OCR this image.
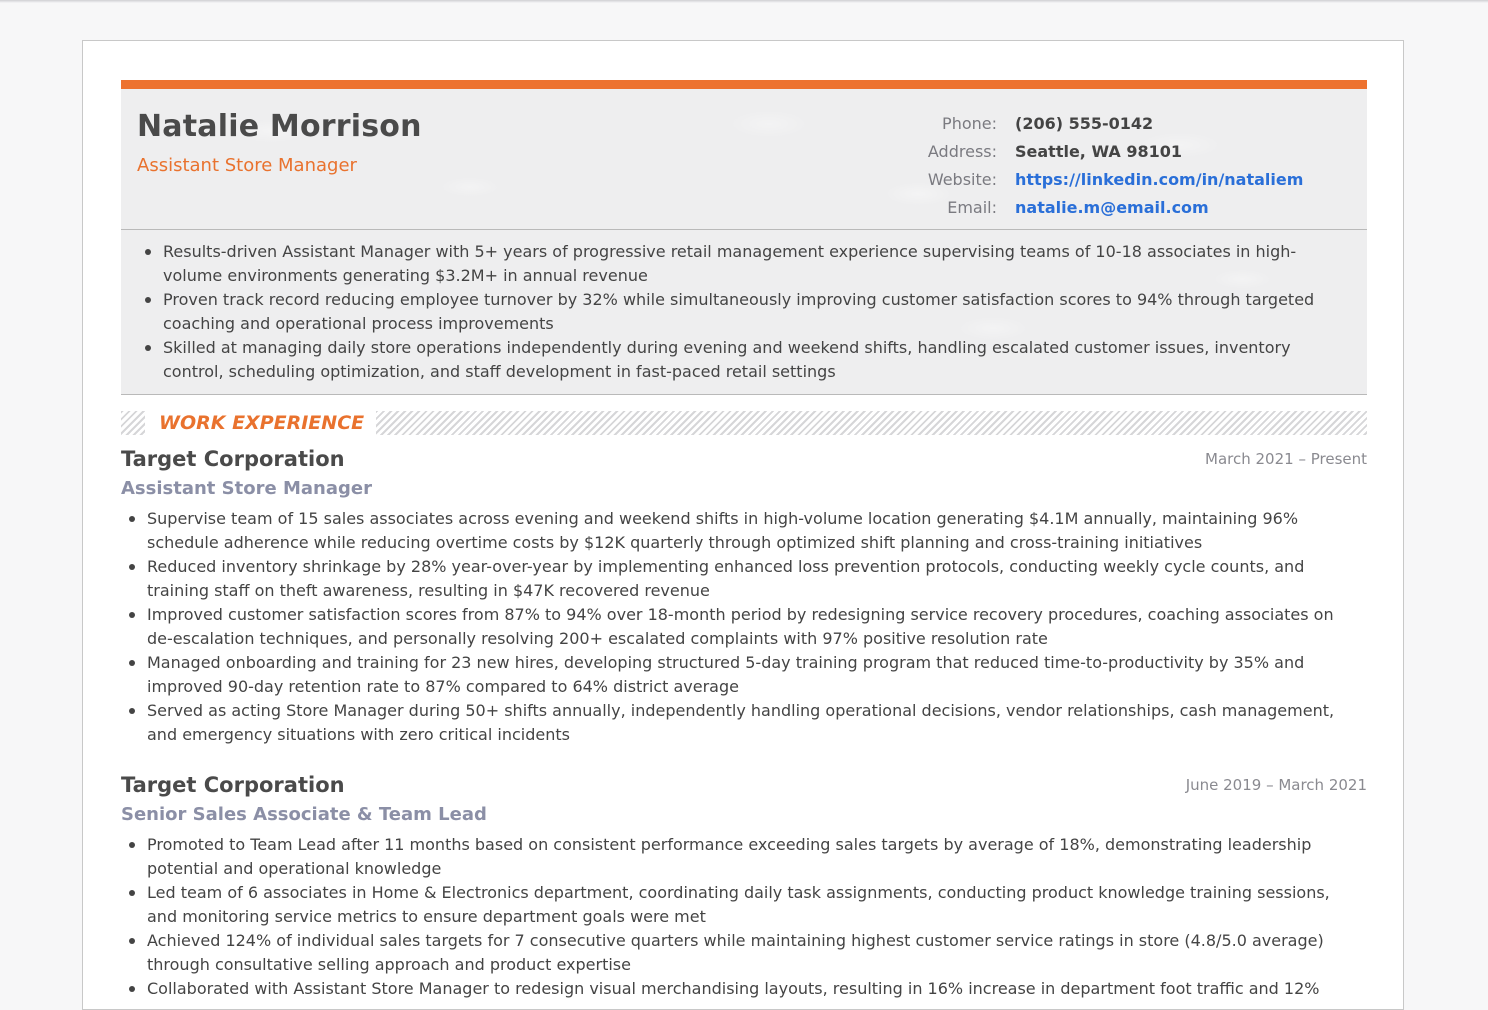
Natalie Morrison
Assistant Store Manager
Phone:	(206) 555-0142
Address:	Seattle, WA 98101
Website:	https://linkedin.com/in/nataliem
Email:	natalie.m@email.com
Results-driven Assistant Manager with 5+ years of progressive retail management experience supervising teams of 10-18 associates in high-volume environments generating $3.2M+ in annual revenue
Proven track record reducing employee turnover by 32% while simultaneously improving customer satisfaction scores to 94% through targeted coaching and operational process improvements
Skilled at managing daily store operations independently during evening and weekend shifts, handling escalated customer issues, inventory control, scheduling optimization, and staff development in fast-paced retail settings
WORK EXPERIENCE
Target Corporation	March 2021 – Present
Assistant Store Manager
Supervise team of 15 sales associates across evening and weekend shifts in high-volume location generating $4.1M annually, maintaining 96% schedule adherence while reducing overtime costs by $12K quarterly through optimized shift planning and cross-training initiatives
Reduced inventory shrinkage by 28% year-over-year by implementing enhanced loss prevention protocols, conducting weekly cycle counts, and training staff on theft awareness, resulting in $47K recovered revenue
Improved customer satisfaction scores from 87% to 94% over 18-month period by redesigning service recovery procedures, coaching associates on de-escalation techniques, and personally resolving 200+ escalated complaints with 97% positive resolution rate
Managed onboarding and training for 23 new hires, developing structured 5-day training program that reduced time-to-productivity by 35% and improved 90-day retention rate to 87% compared to 64% district average
Served as acting Store Manager during 50+ shifts annually, independently handling operational decisions, vendor relationships, cash management, and emergency situations with zero critical incidents
Target Corporation	June 2019 – March 2021
Senior Sales Associate & Team Lead
Promoted to Team Lead after 11 months based on consistent performance exceeding sales targets by average of 18%, demonstrating leadership potential and operational knowledge
Led team of 6 associates in Home & Electronics department, coordinating daily task assignments, conducting product knowledge training sessions, and monitoring service metrics to ensure department goals were met
Achieved 124% of individual sales targets for 7 consecutive quarters while maintaining highest customer service ratings in store (4.8/5.0 average) through consultative selling approach and product expertise
Collaborated with Assistant Store Manager to redesign visual merchandising layouts, resulting in 16% increase in department foot traffic and 12%
